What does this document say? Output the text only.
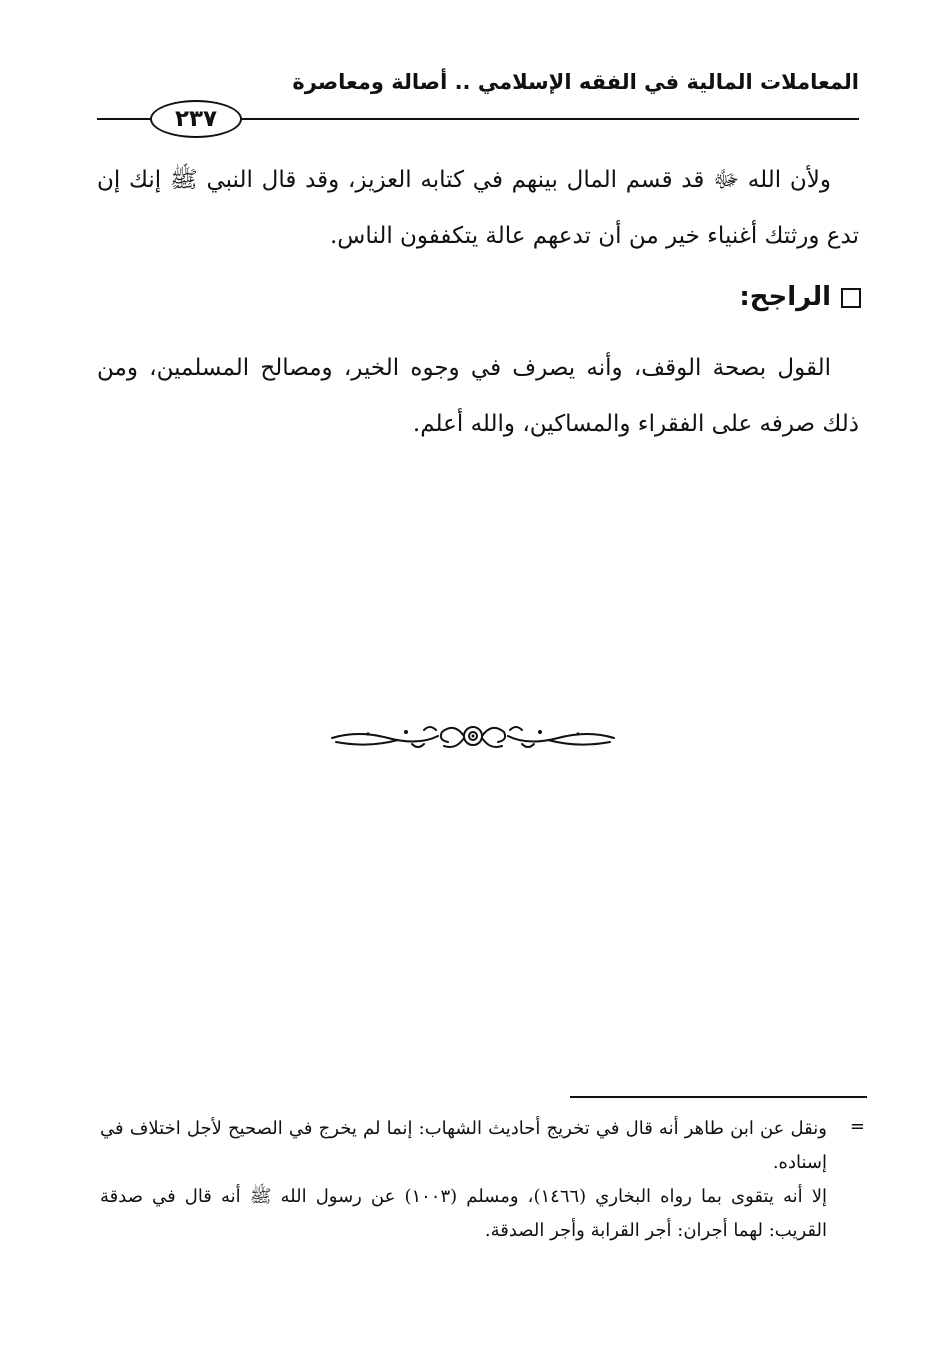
المعاملات المالية في الفقه الإسلامي .. أصالة ومعاصرة
٢٣٧

ولأن الله ﷻ قد قسم المال بينهم في كتابه العزيز، وقد قال النبي ﷺ إنك إن تدع ورثتك أغنياء خير من أن تدعهم عالة يتكففون الناس.

الراجح:

القول بصحة الوقف، وأنه يصرف في وجوه الخير، ومصالح المسلمين، ومن ذلك صرفه على الفقراء والمساكين، والله أعلم.

=

ونقل عن ابن طاهر أنه قال في تخريج أحاديث الشهاب: إنما لم يخرج في الصحيح لأجل اختلاف في إسناده.

إلا أنه يتقوى بما رواه البخاري (١٤٦٦)، ومسلم (١٠٠٣) عن رسول الله ﷺ أنه قال في صدقة القريب: لهما أجران: أجر القرابة وأجر الصدقة.
